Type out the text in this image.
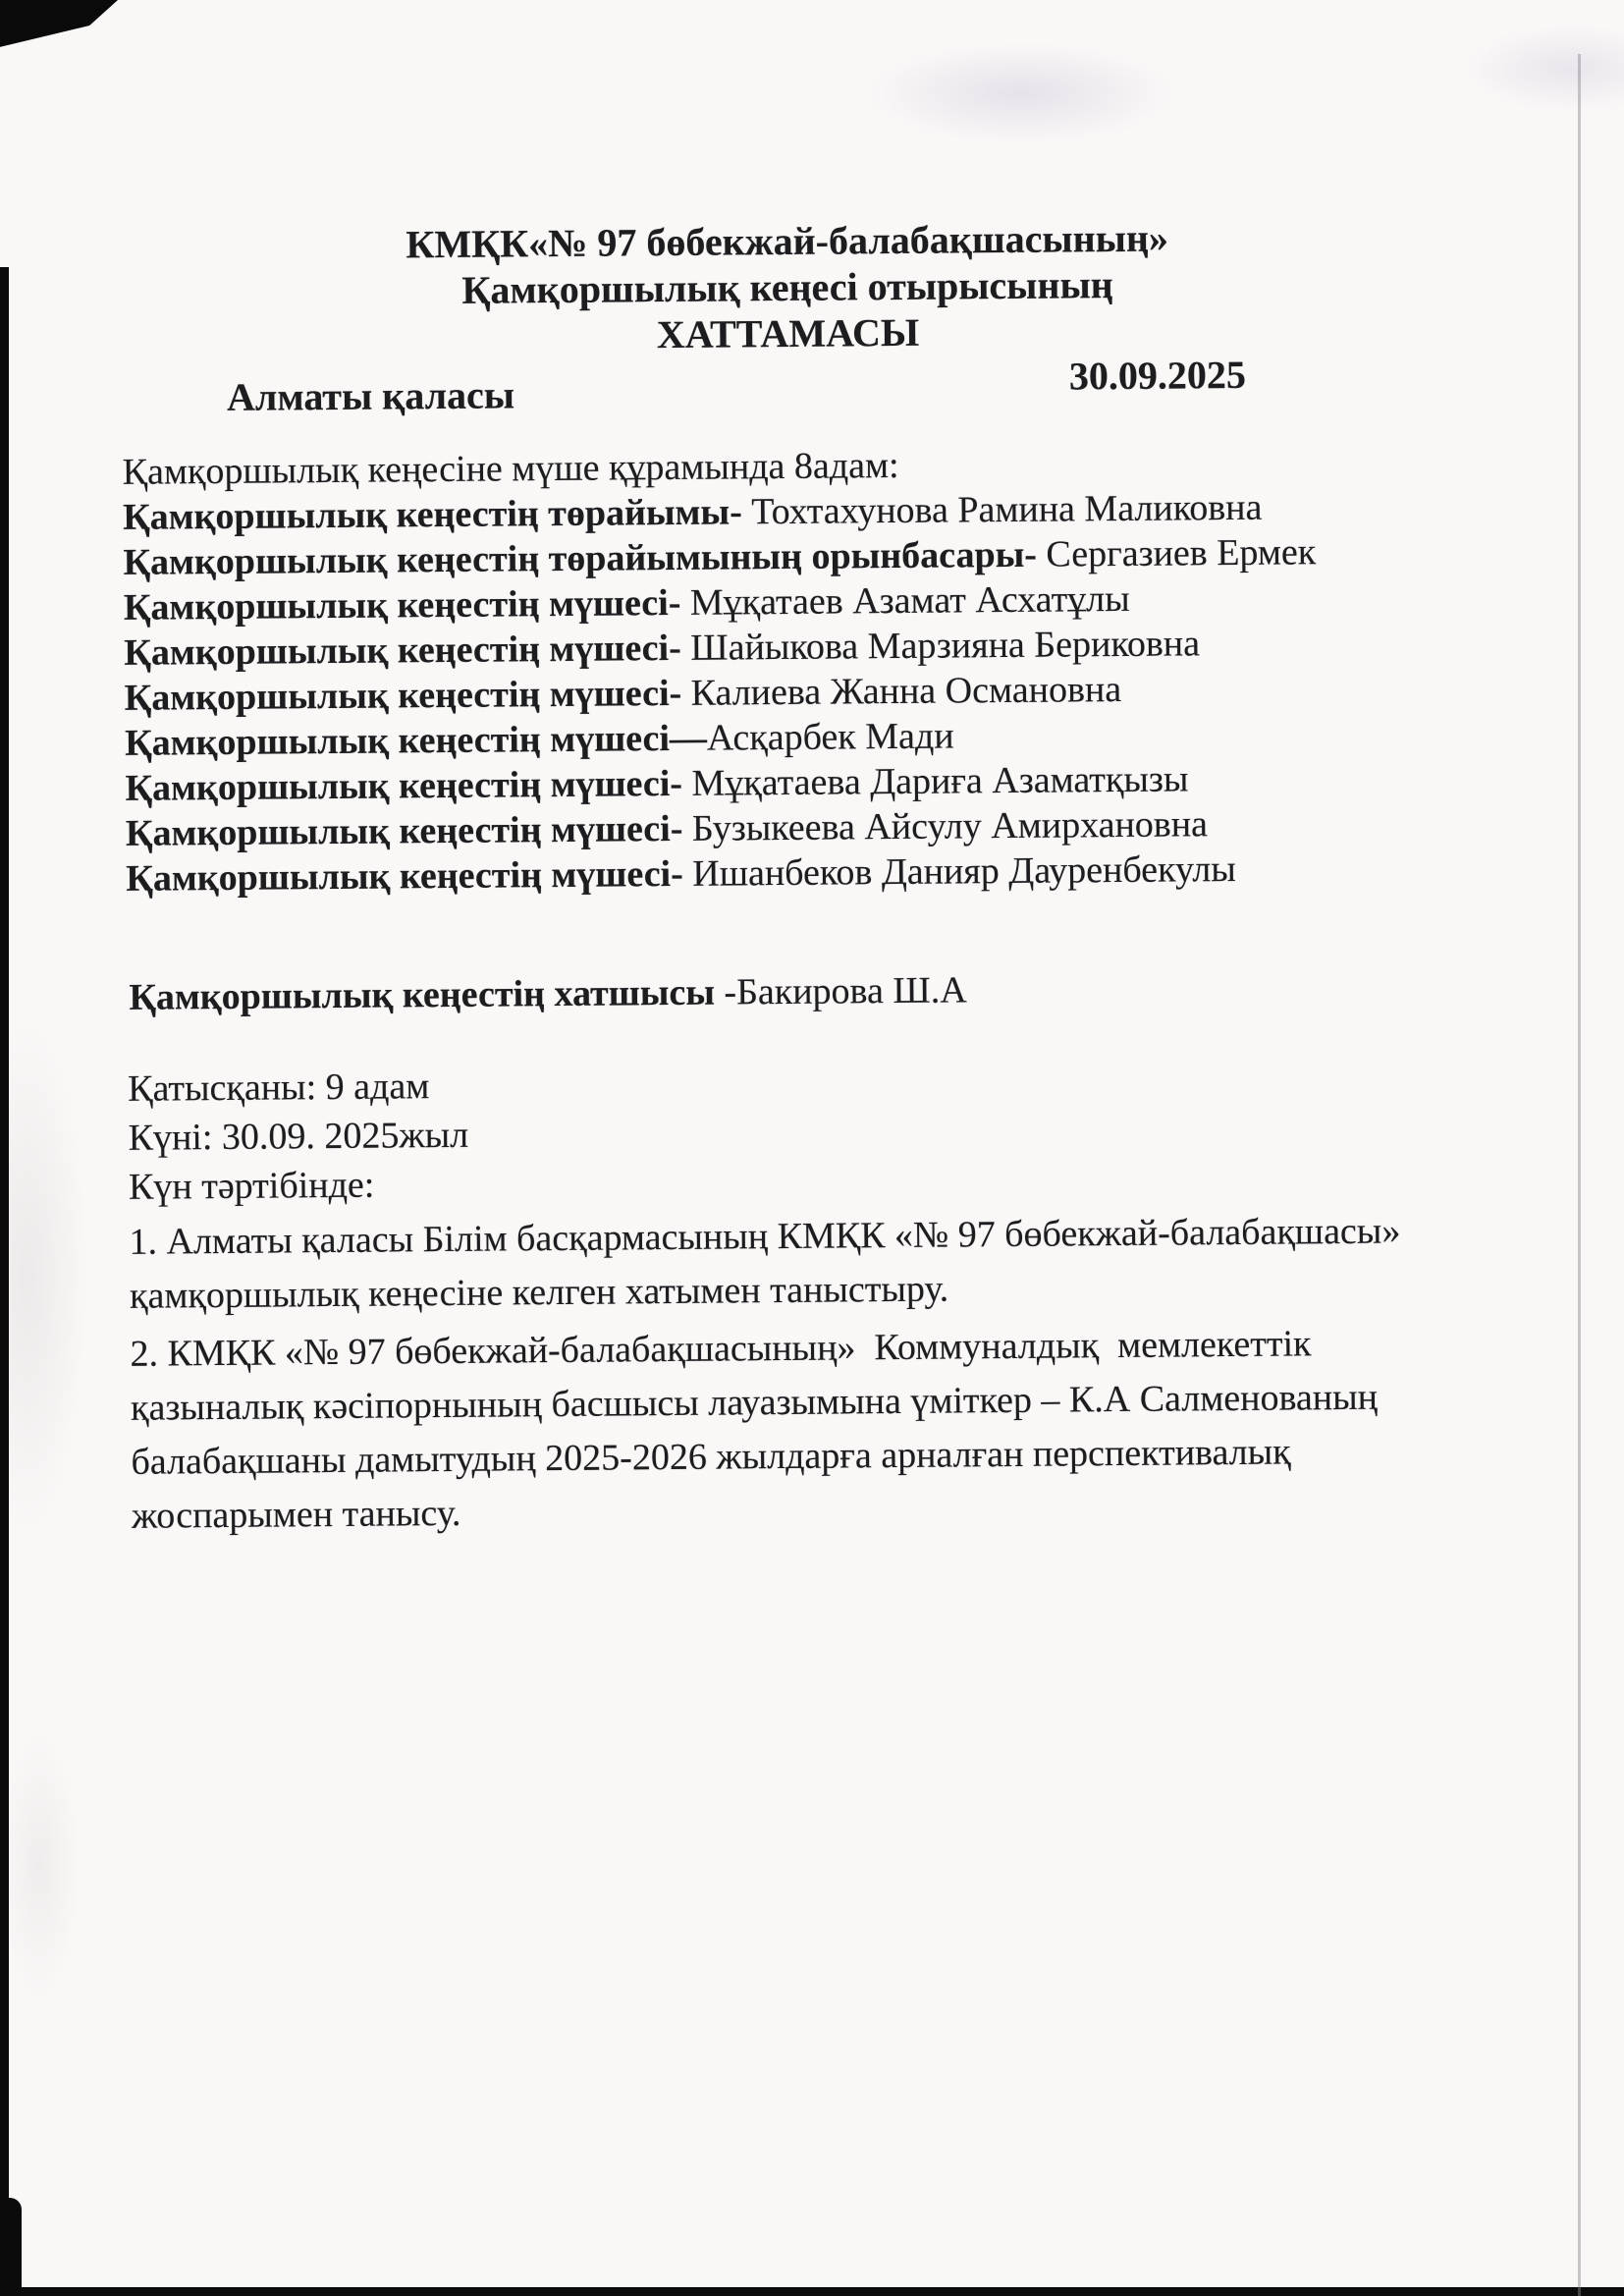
КМҚК«№ 97 бөбекжай-балабақшасының»
Қамқоршылық кеңесі отырысының
ХАТТАМАСЫ
Алматы қаласы	30.09.2025
Қамқоршылық кеңесіне мүше құрамында 8адам:
Қамқоршылық кеңестің төрайымы- Тохтахунова Рамина Маликовна
Қамқоршылық кеңестің төрайымының орынбасары- Сергазиев Ермек
Қамқоршылық кеңестің мүшесі- Мұқатаев Азамат Асхатұлы
Қамқоршылық кеңестің мүшесі- Шайыкова Марзияна Бериковна
Қамқоршылық кеңестің мүшесі- Калиева Жанна Османовна
Қамқоршылық кеңестің мүшесі—Асқарбек Мади
Қамқоршылық кеңестің мүшесі- Мұқатаева Дариға Азаматқызы
Қамқоршылық кеңестің мүшесі- Бузыкеева Айсулу Амирхановна
Қамқоршылық кеңестің мүшесі- Ишанбеков Данияр Дауренбекулы
Қамқоршылық кеңестің хатшысы -Бакирова Ш.А
Қатысқаны: 9 адам
Күні: 30.09. 2025жыл
Күн тәртібінде:

1. Алматы қаласы Білім басқармасының КМҚК «№ 97 бөбекжай-балабақшасы» қамқоршылық кеңесіне келген хатымен таныстыру.

2. КМҚК «№ 97 бөбекжай-балабақшасының»  Коммуналдық  мемлекеттік қазыналық кәсіпорнының басшысы лауазымына үміткер – К.А Салменованың балабақшаны дамытудың 2025-2026 жылдарға арналған перспективалық жоспарымен танысу.
